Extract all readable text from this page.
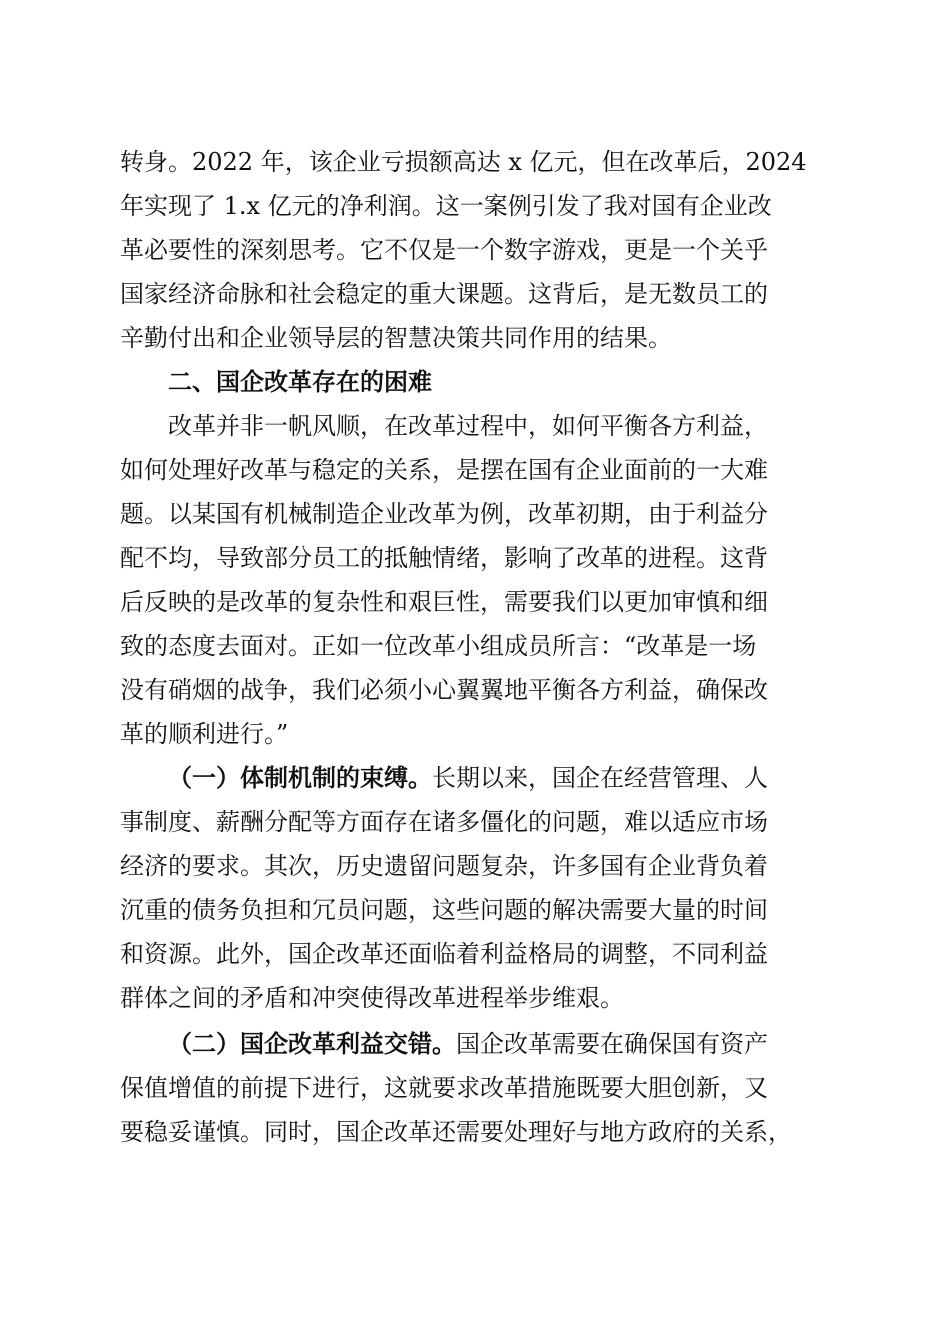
转身。2022 年，该企业亏损额高达 x 亿元，但在改革后，2024
年实现了 1.x 亿元的净利润。这一案例引发了我对国有企业改
革必要性的深刻思考。它不仅是一个数字游戏，更是一个关乎
国家经济命脉和社会稳定的重大课题。这背后，是无数员工的
辛勤付出和企业领导层的智慧决策共同作用的结果。
二、国企改革存在的困难
改革并非一帆风顺，在改革过程中，如何平衡各方利益，
如何处理好改革与稳定的关系，是摆在国有企业面前的一大难
题。以某国有机械制造企业改革为例，改革初期，由于利益分
配不均，导致部分员工的抵触情绪，影响了改革的进程。这背
后反映的是改革的复杂性和艰巨性，需要我们以更加审慎和细
致的态度去面对。正如一位改革小组成员所言：“改革是一场
没有硝烟的战争，我们必须小心翼翼地平衡各方利益，确保改
革的顺利进行。”
（一）体制机制的束缚。长期以来，国企在经营管理、人
事制度、薪酬分配等方面存在诸多僵化的问题，难以适应市场
经济的要求。其次，历史遗留问题复杂，许多国有企业背负着
沉重的债务负担和冗员问题，这些问题的解决需要大量的时间
和资源。此外，国企改革还面临着利益格局的调整，不同利益
群体之间的矛盾和冲突使得改革进程举步维艰。
（二）国企改革利益交错。国企改革需要在确保国有资产
保值增值的前提下进行，这就要求改革措施既要大胆创新，又
要稳妥谨慎。同时，国企改革还需要处理好与地方政府的关系，
